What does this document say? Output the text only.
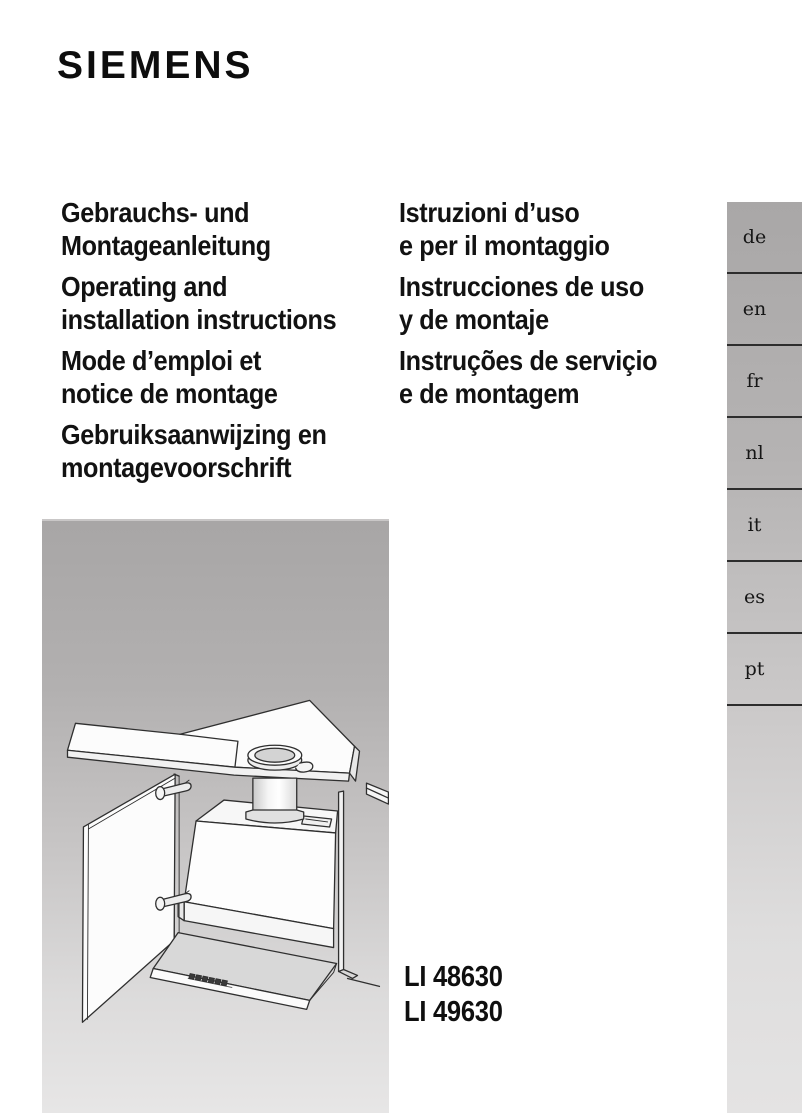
SIEMENS
Gebrauchs- und
Montageanleitung
Operating and
installation instructions
Mode d’emploi et
notice de montage
Gebruiksaanwijzing en
montagevoorschrift
Istruzioni d’uso
e per il montaggio
Instrucciones de uso
y de montaje
Instruções de serviçio
e de montagem
de
en
fr
nl
it
es
pt
LI 48630
LI 49630
